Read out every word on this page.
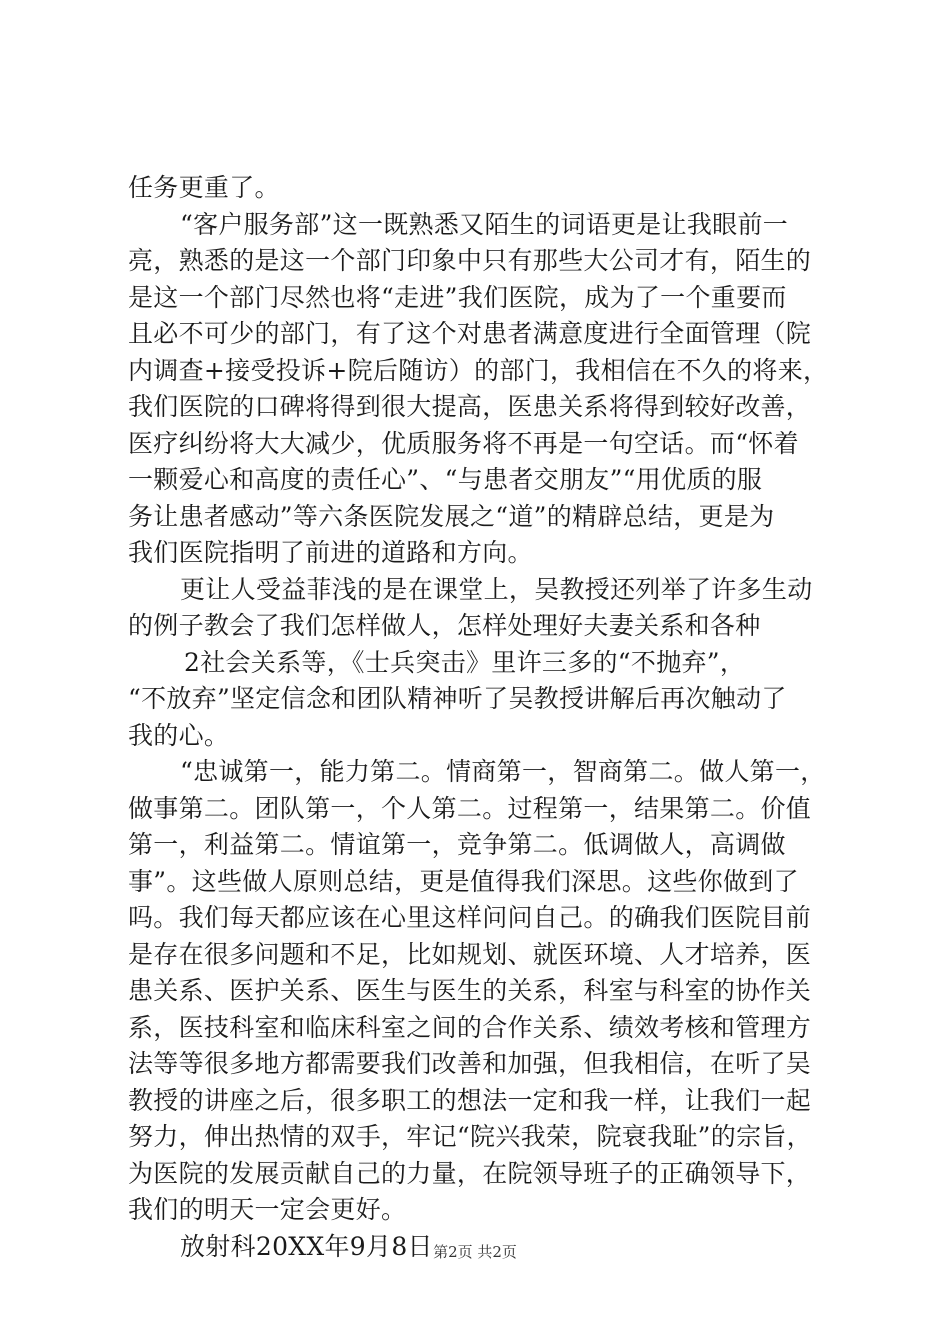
任务更重了。
“客户服务部”这一既熟悉又陌生的词语更是让我眼前一
亮，熟悉的是这一个部门印象中只有那些大公司才有，陌生的
是这一个部门尽然也将“走进”我们医院，成为了一个重要而
且必不可少的部门，有了这个对患者满意度进行全面管理（院
内调查+接受投诉+院后随访）的部门，我相信在不久的将来，
我们医院的口碑将得到很大提高，医患关系将得到较好改善，
医疗纠纷将大大减少，优质服务将不再是一句空话。而“怀着
一颗爱心和高度的责任心”、“与患者交朋友”“用优质的服
务让患者感动”等六条医院发展之“道”的精辟总结，更是为
我们医院指明了前进的道路和方向。
更让人受益菲浅的是在课堂上，吴教授还列举了许多生动
的例子教会了我们怎样做人，怎样处理好夫妻关系和各种
2社会关系等，《士兵突击》里许三多的“不抛弃”，
“不放弃”坚定信念和团队精神听了吴教授讲解后再次触动了
我的心。
“忠诚第一，能力第二。情商第一，智商第二。做人第一，
做事第二。团队第一，个人第二。过程第一，结果第二。价值
第一，利益第二。情谊第一，竞争第二。低调做人，高调做
事”。这些做人原则总结，更是值得我们深思。这些你做到了
吗。我们每天都应该在心里这样问问自己。的确我们医院目前
是存在很多问题和不足，比如规划、就医环境、人才培养，医
患关系、医护关系、医生与医生的关系，科室与科室的协作关
系，医技科室和临床科室之间的合作关系、绩效考核和管理方
法等等很多地方都需要我们改善和加强，但我相信，在听了吴
教授的讲座之后，很多职工的想法一定和我一样，让我们一起
努力，伸出热情的双手，牢记“院兴我荣，院衰我耻”的宗旨，
为医院的发展贡献自己的力量，在院领导班子的正确领导下，
我们的明天一定会更好。
放射科20XX年9月8日 第2页 共2页
